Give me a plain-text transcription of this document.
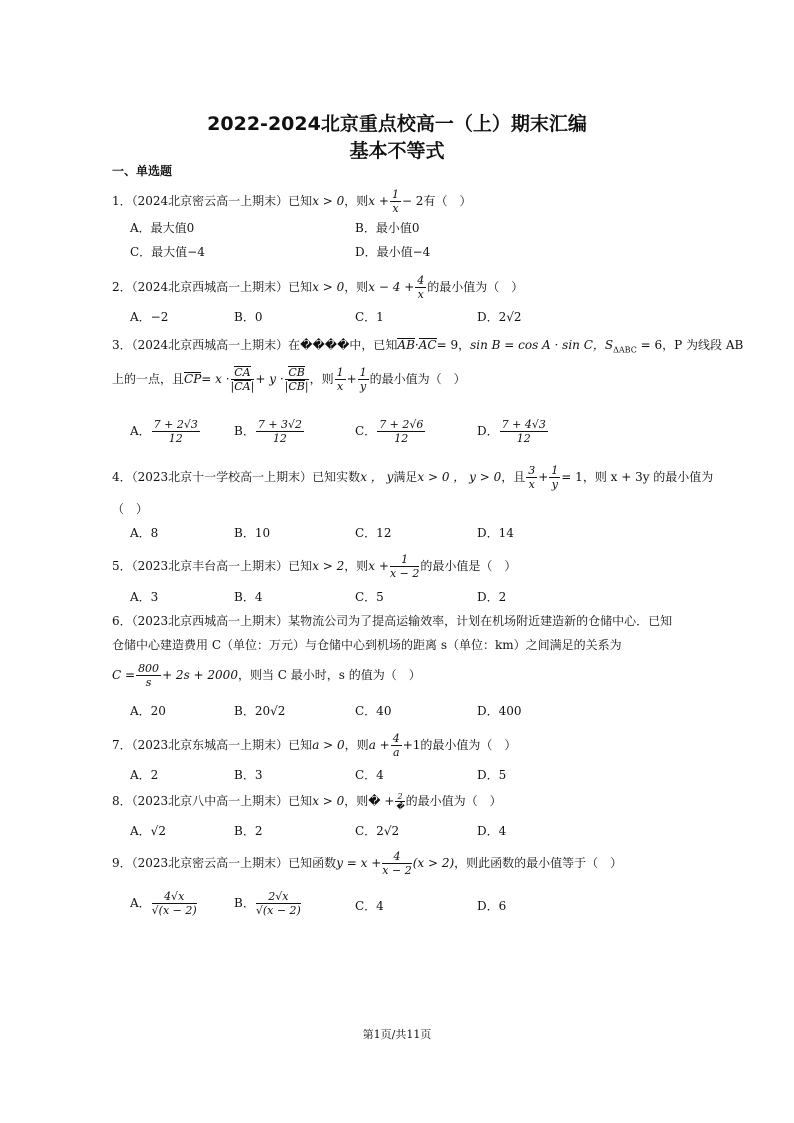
2022-2024北京重点校高一（上）期末汇编
基本不等式
一、单选题
1．（2024北京密云高一上期末）已知x > 0，则$x + \frac{1}{x} - 2$有（　）
A．最大值0	B．最小值0
C．最大值−4	D．最小值−4
2．（2024北京西城高一上期末）已知x > 0，则$x - 4 + \frac{4}{x}$ 的最小值为（　）
A．−2	B．0	C．1	D．2√2
3．（2024北京西城高一上期末）在����中，已知AB·AC= 9，sin B = cos A · sin C，$S_{\Delta ABC} = 6$，P 为线段 AB
上的一点，且$CP= x \cdot \frac{CA}{|CA|} + y \cdot \frac{CB}{|CB|}$ ，则 $\frac{1}{x} + \frac{1}{y}$ 的最小值为（　）
A． $\frac{7 + 2√3}{12}$	B． $\frac{7 + 3√2}{12}$	C． $\frac{7 + 2√6}{12}$	D． $\frac{7 + 4√3}{12}$
4．（2023北京十一学校高一上期末）已知实数x ， y满足x > 0 ， y > 0，且 $\frac{3}{x} + \frac{1}{y} = 1$，则 x + 3y 的最小值为
（　）
A．8	B．10	C．12	D．14
5．（2023北京丰台高一上期末）已知x > 2，则$x + \frac{1}{x - 2}$ 的最小值是（　）
A．3	B．4	C．5	D．2
6．（2023北京西城高一上期末）某物流公司为了提高运输效率，计划在机场附近建造新的仓储中心．已知
仓储中心建造费用 C（单位：万元）与仓储中心到机场的距离 s（单位：km）之间满足的关系为
$C = \frac{800}{s} + 2s + 2000$，则当 C 最小时，s 的值为（　）
A．20	B．20√2	C．40	D．400
7．（2023北京东城高一上期末）已知a > 0，则$a + \frac{4}{a} +1$的最小值为（　）
A．2	B．3	C．4	D．5
8．（2023北京八中高一上期末）已知x > 0，则� + $\frac{2}{�}$ 的最小值为（　）
A．√2	B．2	C．2√2	D．4
9．（2023北京密云高一上期末）已知函数$y = x + \frac{4}{x - 2} (x > 2)$，则此函数的最小值等于（　）
A． $\frac{4√x}{√(x - 2)}$	B． $\frac{2√x}{√(x - 2)}$	C．4	D．6
第1页/共11页
